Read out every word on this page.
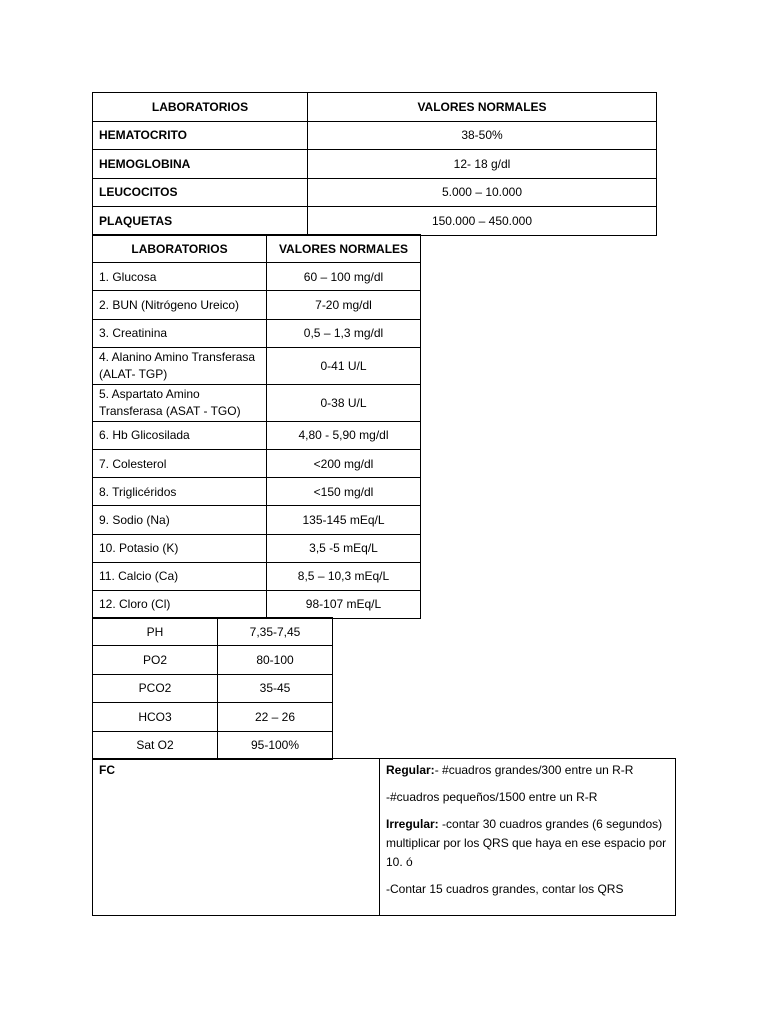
LABORATORIOS	VALORES NORMALES
HEMATOCRITO	38-50%
HEMOGLOBINA	12- 18 g/dl
LEUCOCITOS	5.000 – 10.000
PLAQUETAS	150.000 – 450.000
LABORATORIOS	VALORES NORMALES
1. Glucosa	60 – 100 mg/dl
2. BUN (Nitrógeno Ureico)	7-20 mg/dl
3. Creatinina	0,5 – 1,3 mg/dl
4. Alanino Amino Transferasa (ALAT- TGP)	0-41 U/L
5. Aspartato Amino Transferasa (ASAT - TGO)	0-38 U/L
6. Hb Glicosilada	4,80 - 5,90 mg/dl
7. Colesterol	<200 mg/dl
8. Triglicéridos	<150 mg/dl
9. Sodio (Na)	135-145 mEq/L
10. Potasio (K)	3,5 -5 mEq/L
11. Calcio (Ca)	8,5 – 10,3 mEq/L
12. Cloro (Cl)	98-107 mEq/L
PH	7,35-7,45
PO2	80-100
PCO2	35-45
HCO3	22 – 26
Sat O2	95-100%
FC	Regular:- #cuadros grandes/300 entre un R-R

-#cuadros pequeños/1500 entre un R-R

Irregular: -contar 30 cuadros grandes (6 segundos) multiplicar por los QRS que haya en ese espacio por 10. ó

-Contar 15 cuadros grandes, contar los QRS
